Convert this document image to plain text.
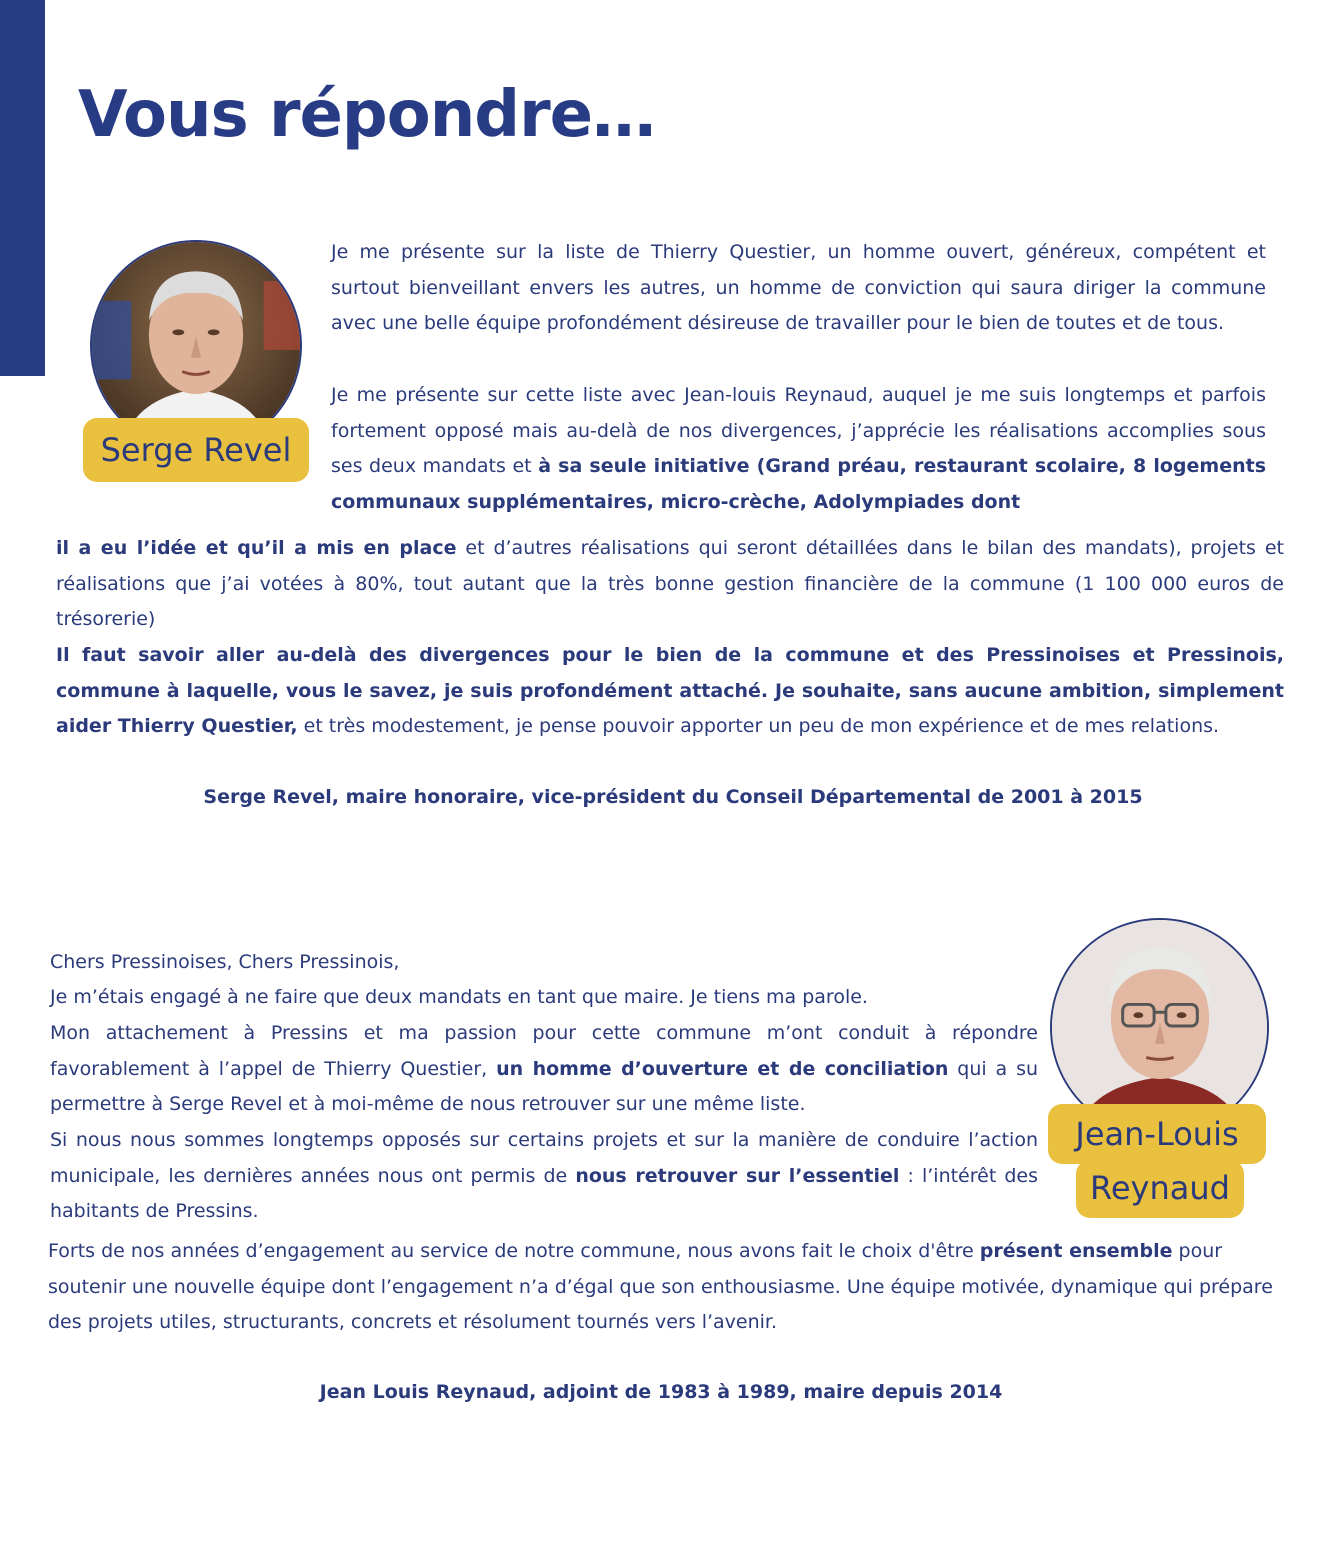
Vous répondre…
Serge Revel

Je me présente sur la liste de Thierry Questier, un homme ouvert, généreux, compétent et surtout bienveillant envers les autres, un homme de conviction qui saura diriger la commune avec une belle équipe profondément désireuse de travailler pour le bien de toutes et de tous.

Je me présente sur cette liste avec Jean-louis Reynaud, auquel je me suis longtemps et parfois fortement opposé mais au-delà de nos divergences, j’apprécie les réalisations accomplies sous ses deux mandats et à sa seule initiative (Grand préau, restaurant scolaire, 8 logements communaux supplémentaires, micro-crèche, Adolympiades dont

il a eu l’idée et qu’il a mis en place et d’autres réalisations qui seront détaillées dans le bilan des mandats), projets et réalisations que j’ai votées à 80%, tout autant que la très bonne gestion financière de la commune (1 100 000 euros de trésorerie)

Il faut savoir aller au-delà des divergences pour le bien de la commune et des Pressinoises et Pressinois, commune à laquelle, vous le savez, je suis profondément attaché. Je souhaite, sans aucune ambition, simplement aider Thierry Questier, et très modestement, je pense pouvoir apporter un peu de mon expérience et de mes relations.

Serge Revel, maire honoraire, vice-président du Conseil Départemental de 2001 à 2015

Chers Pressinoises, Chers Pressinois,

Je m’étais engagé à ne faire que deux mandats en tant que maire. Je tiens ma parole.

Mon attachement à Pressins et ma passion pour cette commune m’ont conduit à répondre favorablement à l’appel de Thierry Questier, un homme d’ouverture et de conciliation qui a su permettre à Serge Revel et à moi-même de nous retrouver sur une même liste.

Si nous nous sommes longtemps opposés sur certains projets et sur la manière de conduire l’action municipale, les dernières années nous ont permis de nous retrouver sur l’essentiel : l’intérêt des habitants de Pressins.

Forts de nos années d’engagement au service de notre commune, nous avons fait le choix d'être présent ensemble pour soutenir une nouvelle équipe dont l’engagement n’a d’égal que son enthousiasme. Une équipe motivée, dynamique qui prépare des projets utiles, structurants, concrets et résolument tournés vers l’avenir.

Jean-Louis
Reynaud

Jean Louis Reynaud, adjoint de 1983 à 1989, maire depuis 2014
